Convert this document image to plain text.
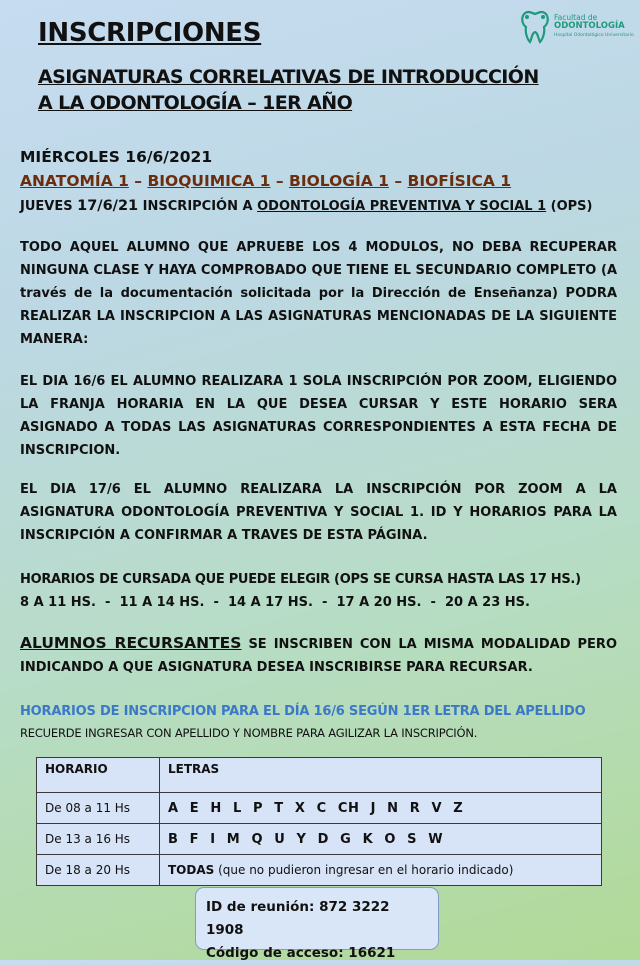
Facultad de
ODONTOLOGÍA
Hospital Odontológico Universitario
INSCRIPCIONES
ASIGNATURAS CORRELATIVAS DE INTRODUCCIÓN
A LA ODONTOLOGÍA – 1ER AÑO
MIÉRCOLES 16/6/2021
ANATOMÍA 1 – BIOQUIMICA 1 – BIOLOGÍA 1 – BIOFÍSICA 1
JUEVES 17/6/21 INSCRIPCIÓN A ODONTOLOGÍA PREVENTIVA Y SOCIAL 1 (OPS)
TODO AQUEL ALUMNO QUE APRUEBE LOS 4 MODULOS, NO DEBA RECUPERAR NINGUNA CLASE Y HAYA COMPROBADO QUE TIENE EL SECUNDARIO COMPLETO (A través de la documentación solicitada por la Dirección de Enseñanza) PODRA REALIZAR LA INSCRIPCION A LAS ASIGNATURAS MENCIONADAS DE LA SIGUIENTE MANERA:
EL DIA 16/6 EL ALUMNO REALIZARA 1 SOLA INSCRIPCIÓN POR ZOOM, ELIGIENDO LA FRANJA HORARIA EN LA QUE DESEA CURSAR Y ESTE HORARIO SERA ASIGNADO A TODAS LAS ASIGNATURAS CORRESPONDIENTES A ESTA FECHA DE INSCRIPCION.
EL DIA 17/6 EL ALUMNO REALIZARA LA INSCRIPCIÓN POR ZOOM A LA ASIGNATURA ODONTOLOGÍA PREVENTIVA Y SOCIAL 1. ID Y HORARIOS PARA LA INSCRIPCIÓN A CONFIRMAR A TRAVES DE ESTA PÁGINA.
HORARIOS DE CURSADA QUE PUEDE ELEGIR (OPS SE CURSA HASTA LAS 17 HS.)
8 A 11 HS.  -  11 A 14 HS.  -  14 A 17 HS.  -  17 A 20 HS.  -  20 A 23 HS.
ALUMNOS RECURSANTES SE INSCRIBEN CON LA MISMA MODALIDAD PERO INDICANDO A QUE ASIGNATURA DESEA INSCRIBIRSE PARA RECURSAR.
HORARIOS DE INSCRIPCION PARA EL DÍA 16/6 SEGÚN 1ER LETRA DEL APELLIDO
RECUERDE INGRESAR CON APELLIDO Y NOMBRE PARA AGILIZAR LA INSCRIPCIÓN.
HORARIO	LETRAS
De 08 a 11 Hs	A E H L P T X C CH J N R V Z
De 13 a 16 Hs	B F I M Q U Y D G K O S W
De 18 a 20 Hs	TODAS (que no pudieron ingresar en el horario indicado)
ID de reunión: 872 3222 1908
Código de acceso: 16621
